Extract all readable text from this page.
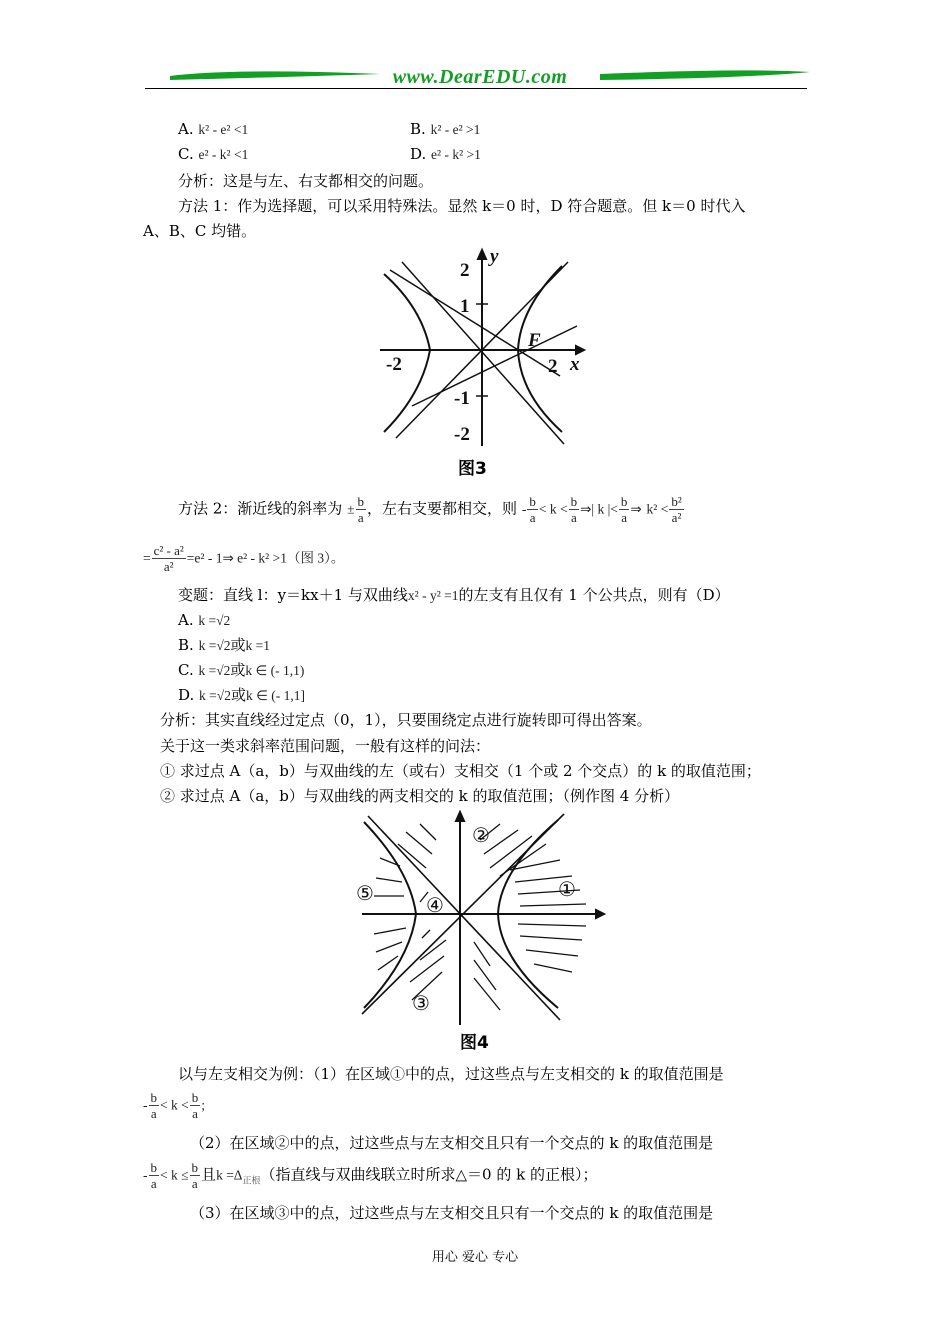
www.DearEDU.com
A. k² - e² <1	B. k² - e² >1
C. e² - k² <1	D. e² - k² >1
分析：这是与左、右支都相交的问题。
方法 1：作为选择题，可以采用特殊法。显然 k＝0 时，D 符合题意。但 k＝0 时代入
A、B、C 均错。
y
2
1
-1
-2
-2	2 x
F
图3
方法 2：渐近线的斜率为 ± $\frac{b}{a}$ ，左右支要都相交，则 - $\frac{b}{a} < k < \frac{b}{a}$ ⇒| k |< $\frac{b}{a}$ ⇒ $k^2 < \frac{\text{b²}}{\text{a²}}$
= $\frac{\text{c² - a²}}{\text{a²}} =e^2$ - 1⇒ e² - k² >1（图 3）。
变题：直线 l：y＝kx＋1 与双曲线x² - y² =1的左支有且仅有 1 个公共点，则有（D）
A. k =√2
B. k =√2或k =1
C. k =√2或k ∈ (- 1,1)
D. k =√2或k ∈ (- 1,1]
分析：其实直线经过定点（0，1），只要围绕定点进行旋转即可得出答案。
关于这一类求斜率范围问题，一般有这样的问法：
① 求过点 A（a，b）与双曲线的左（或右）支相交（1 个或 2 个交点）的 k 的取值范围；
② 求过点 A（a，b）与双曲线的两支相交的 k 的取值范围；（例作图 4 分析）
①
②
③
④
⑤
图4
以与左支相交为例：（1）在区域①中的点，过这些点与左支相交的 k 的取值范围是
- $\frac{b}{a} < k < \frac{b}{a}$ ;
（2）在区域②中的点，过这些点与左支相交且只有一个交点的 k 的取值范围是
- $\frac{b}{a} < k \le \frac{b}{a}$ 且$k =\Delta_{正根}$（指直线与双曲线联立时所求△＝0 的 k 的正根）；
（3）在区域③中的点，过这些点与左支相交且只有一个交点的 k 的取值范围是
用心 爱心 专心
